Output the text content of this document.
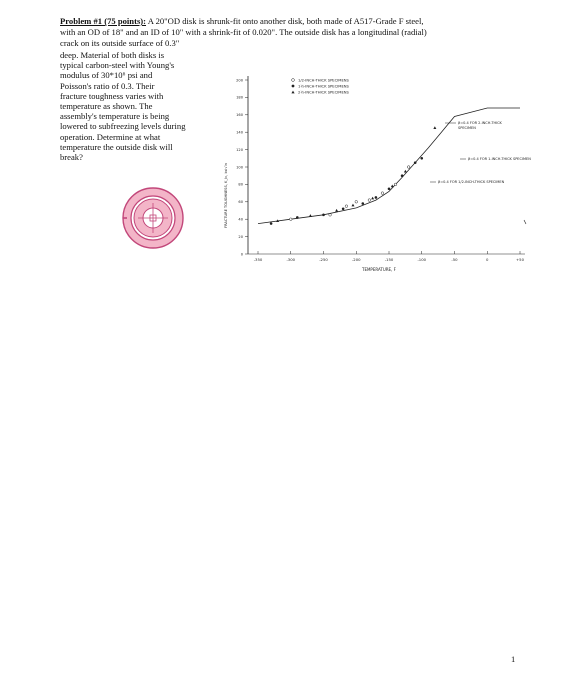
Problem #1 (75 points): A 20"OD disk is shrunk-fit onto another disk, both made of A517-Grade F steel,
with an OD of 18" and an ID of 10" with a shrink-fit of 0.020". The outside disk has a longitudinal (radial)
crack on its outside surface of 0.3"
deep. Material of both disks is
typical carbon-steel with Young's
modulus of 30*10⁶ psi and
Poisson's ratio of 0.3. Their
fracture toughness varies with
temperature as shown. The
assembly's temperature is being
lowered to subfreezing levels during
operation. Determine at what
temperature the outside disk will
break?
200
180
160
140
120
100
80
60
40
20
0
-350	-300	-250	-200	-150	-100	-50	0	+50
FRACTURE TOUGHNESS, K_Ic, ksi√in
TEMPERATURE, F
1/2-INCH-THICK SPECIMENS
1½-INCH-THICK SPECIMENS
2½-INCH-THICK SPECIMENS
β=0.4 FOR 2-INCH-THICK
SPECIMEN
β=0.4 FOR 1-INCH-THICK SPECIMEN
β=0.4 FOR 1/2-INCH-THICK SPECIMEN
1
